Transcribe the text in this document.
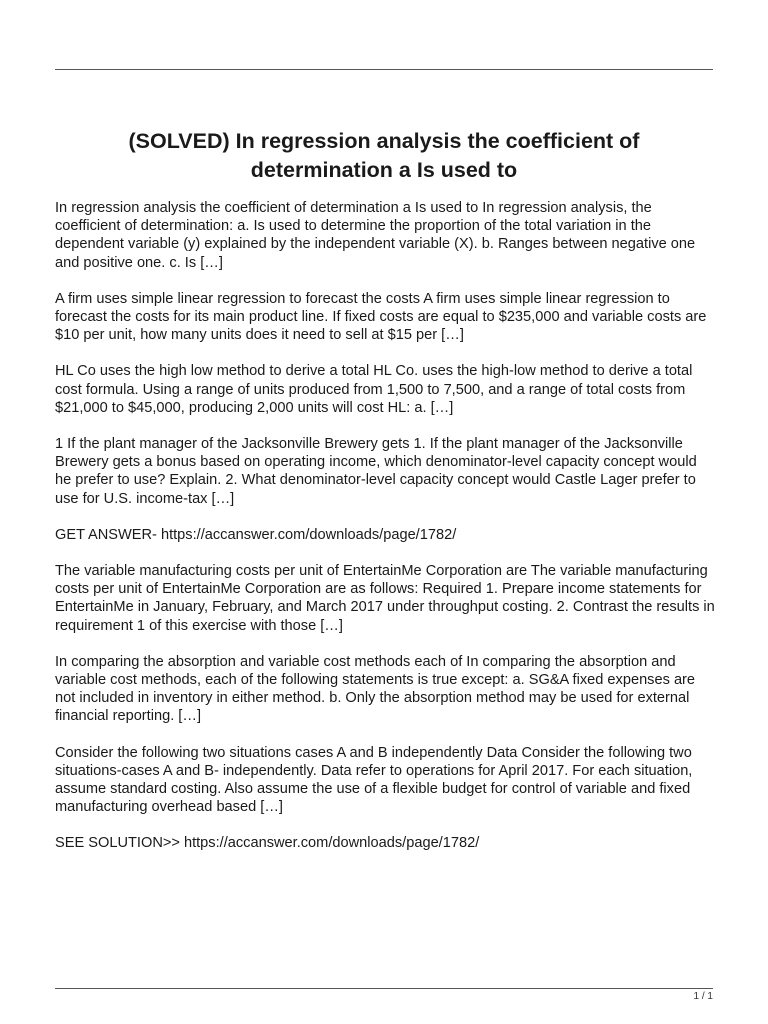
(SOLVED) In regression analysis the coefficient of determination a Is used to

In regression analysis the coefficient of determination a Is used to In regression analysis, the coefficient of determination: a. Is used to determine the proportion of the total variation in the dependent variable (y) explained by the independent variable (X). b. Ranges between negative one and positive one. c. Is […]

A firm uses simple linear regression to forecast the costs A firm uses simple linear regression to forecast the costs for its main product line. If fixed costs are equal to $235,000 and variable costs are $10 per unit, how many units does it need to sell at $15 per […]

HL Co uses the high low method to derive a total HL Co. uses the high-low method to derive a total cost formula. Using a range of units produced from 1,500 to 7,500, and a range of total costs from $21,000 to $45,000, producing 2,000 units will cost HL: a. […]

1 If the plant manager of the Jacksonville Brewery gets 1. If the plant manager of the Jacksonville Brewery gets a bonus based on operating income, which denominator-level capacity concept would he prefer to use? Explain. 2. What denominator-level capacity concept would Castle Lager prefer to use for U.S. income-tax […]

GET ANSWER- https://accanswer.com/downloads/page/1782/

The variable manufacturing costs per unit of EntertainMe Corporation are The variable manufacturing costs per unit of EntertainMe Corporation are as follows: Required 1. Prepare income statements for EntertainMe in January, February, and March 2017 under throughput costing. 2. Contrast the results in requirement 1 of this exercise with those […]

In comparing the absorption and variable cost methods each of In comparing the absorption and variable cost methods, each of the following statements is true except: a. SG&A fixed expenses are not included in inventory in either method. b. Only the absorption method may be used for external financial reporting. […]

Consider the following two situations cases A and B independently Data Consider the following two situations-cases A and B- independently. Data refer to operations for April 2017. For each situation, assume standard costing. Also assume the use of a flexible budget for control of variable and fixed manufacturing overhead based […]

SEE SOLUTION>> https://accanswer.com/downloads/page/1782/

1 / 1
